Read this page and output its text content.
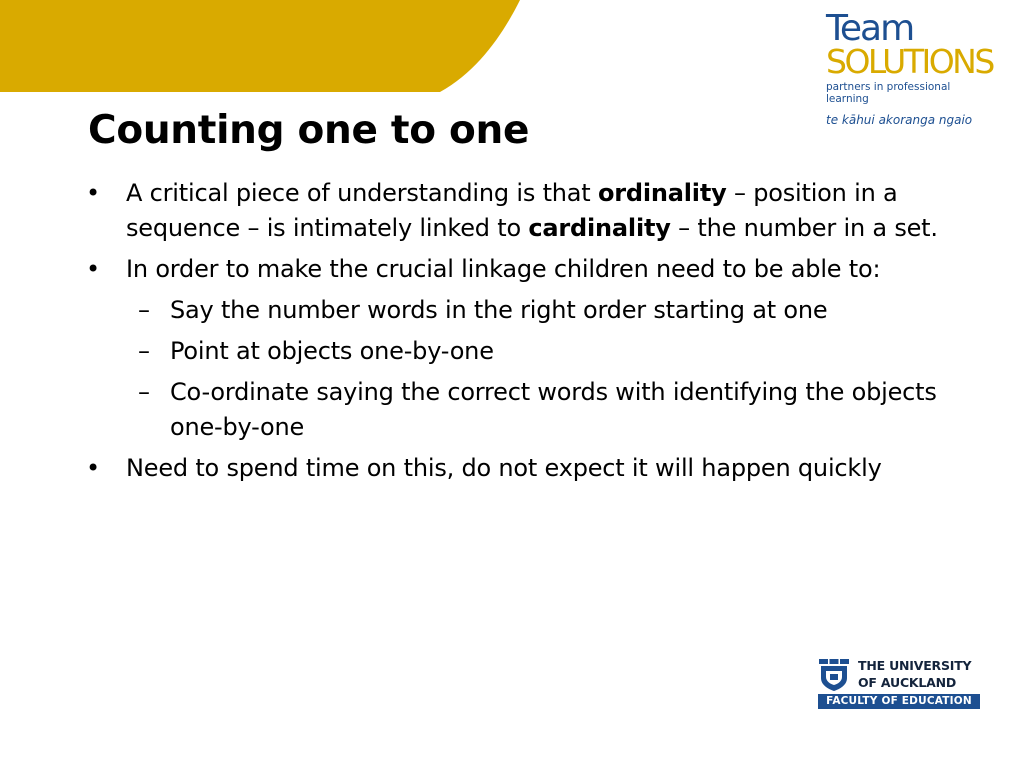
Team
SOLUTIONS
partners in professional learning
te kāhui akoranga ngaio
Counting one to one
• A critical piece of understanding is that ordinality – position in a sequence – is intimately linked to cardinality – the number in a set.
• In order to make the crucial linkage children need to be able to:
– Say the number words in the right order starting at one
– Point at objects one-by-one
– Co-ordinate saying the correct words with identifying the objects one-by-one
• Need to spend time on this, do not expect it will happen quickly
THE UNIVERSITY
OF AUCKLAND
FACULTY OF EDUCATION
